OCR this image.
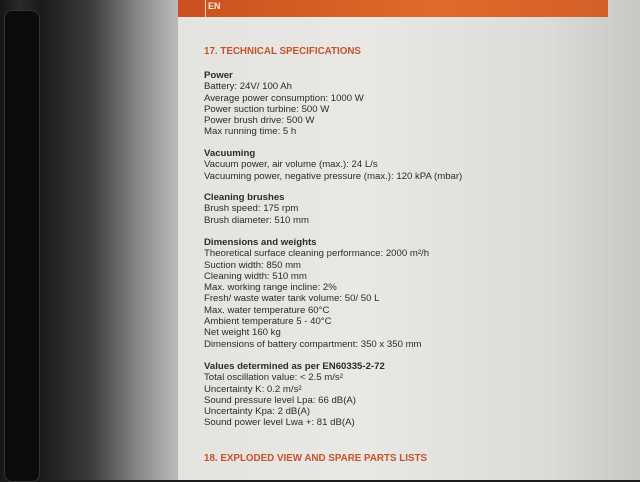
EN
17. TECHNICAL SPECIFICATIONS
Power
Battery: 24V/ 100 Ah
Average power consumption: 1000 W
Power suction turbine: 500 W
Power brush drive: 500 W
Max running time: 5 h
Vacuuming
Vacuum power, air volume (max.): 24 L/s
Vacuuming power, negative pressure (max.): 120 kPA (mbar)
Cleaning brushes
Brush speed: 175 rpm
Brush diameter: 510 mm
Dimensions and weights
Theoretical surface cleaning performance: 2000 m²/h
Suction width: 850 mm
Cleaning width: 510 mm
Max. working range incline: 2%
Fresh/ waste water tank volume: 50/ 50 L
Max. water temperature 60°C
Ambient temperature 5 - 40°C
Net weight 160 kg
Dimensions of battery compartment: 350 x 350 mm
Values determined as per EN60335-2-72
Total oscillation value: < 2.5 m/s²
Uncertainty K: 0.2 m/s²
Sound pressure level Lpa: 66 dB(A)
Uncertainty Kpa: 2 dB(A)
Sound power level Lwa +: 81 dB(A)
18. EXPLODED VIEW AND SPARE PARTS LISTS
